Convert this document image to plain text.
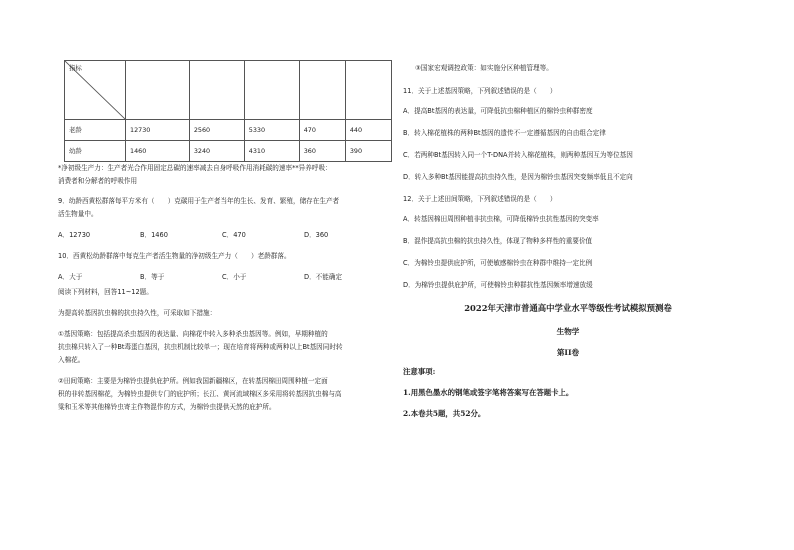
指标					

老龄	12730	2560	5330	470	440
幼龄	1460	3240	4310	360	390

*净初级生产力：生产者光合作用固定总碳的速率减去自身呼吸作用消耗碳的速率**异养呼吸：

消费者和分解者的呼吸作用

9．幼龄西黄松群落每平方米有（　　）克碳用于生产者当年的生长、发育、繁殖，储存在生产者

活生物量中。

A．12730	B．1460	C．470	D．360

10．西黄松幼龄群落中每克生产者活生物量的净初级生产力（　　）老龄群落。

A．大于	B．等于	C．小于	D．不能确定

阅读下列材料，回答11~12题。

为提高转基因抗虫棉的抗虫持久性，可采取如下措施：

①基因策略：包括提高杀虫基因的表达量、向棉花中转入多种杀虫基因等。例如，早期种植的

抗虫棉只转入了一种Bt毒蛋白基因，抗虫机制比较单一；现在培育将两种或两种以上Bt基因同时转

入棉花。

②田间策略：主要是为棉铃虫提供庇护所。例如我国新疆棉区，在转基因棉田周围种植一定面

积的非转基因棉花，为棉铃虫提供专门的庇护所；长江、黄河流域棉区多采用将转基因抗虫棉与高

粱和玉米等其他棉铃虫寄主作物混作的方式，为棉铃虫提供天然的庇护所。

③国家宏观调控政策：如实施分区种植管理等。

11．关于上述基因策略，下列叙述错误的是（　　）

A．提高Bt基因的表达量，可降低抗虫棉种植区的棉铃虫种群密度

B．转入棉花植株的两种Bt基因的遗传不一定遵循基因的自由组合定律

C．若两种Bt基因转入同一个T-DNA并转入棉花植株，则两种基因互为等位基因

D．转入多种Bt基因能提高抗虫持久性，是因为棉铃虫基因突变频率低且不定向

12．关于上述田间策略，下列叙述错误的是（　　）

A．转基因棉田周围种植非抗虫棉，可降低棉铃虫抗性基因的突变率

B．混作提高抗虫棉的抗虫持久性，体现了物种多样性的重要价值

C．为棉铃虫提供庇护所，可使敏感棉铃虫在种群中维持一定比例

D．为棉铃虫提供庇护所，可使棉铃虫种群抗性基因频率增速放缓

2022年天津市普通高中学业水平等级性考试模拟预测卷

生物学

第II卷

注意事项:

1.用黑色墨水的钢笔或签字笔将答案写在答题卡上。

2.本卷共5题，共52分。
